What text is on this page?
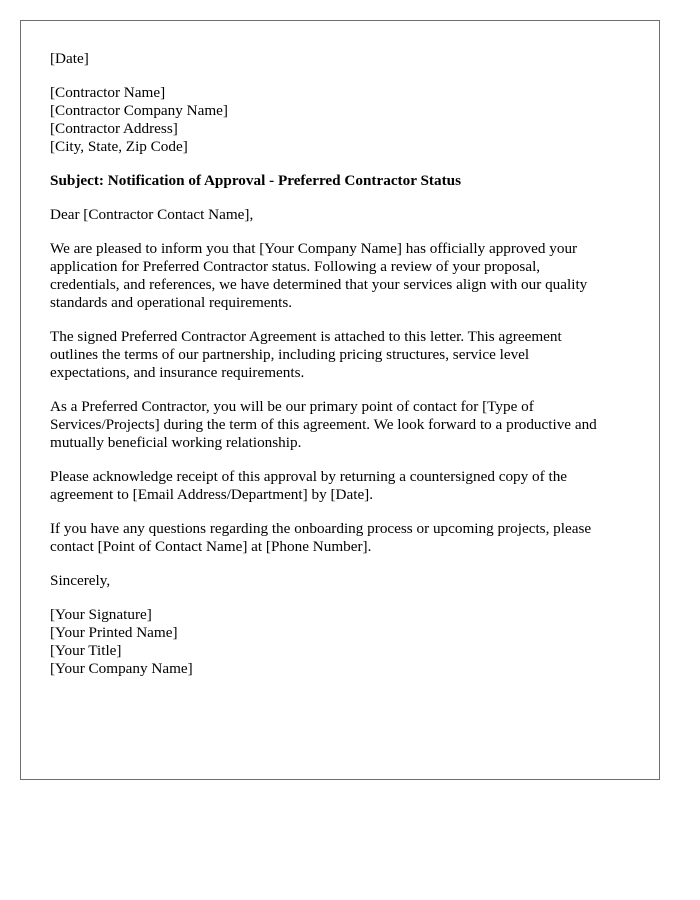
[Date]
[Contractor Name]
[Contractor Company Name]
[Contractor Address]
[City, State, Zip Code]
Subject: Notification of Approval - Preferred Contractor Status
Dear [Contractor Contact Name],
We are pleased to inform you that [Your Company Name] has officially approved your
application for Preferred Contractor status. Following a review of your proposal,
credentials, and references, we have determined that your services align with our quality
standards and operational requirements.
The signed Preferred Contractor Agreement is attached to this letter. This agreement
outlines the terms of our partnership, including pricing structures, service level
expectations, and insurance requirements.
As a Preferred Contractor, you will be our primary point of contact for [Type of
Services/Projects] during the term of this agreement. We look forward to a productive and
mutually beneficial working relationship.
Please acknowledge receipt of this approval by returning a countersigned copy of the
agreement to [Email Address/Department] by [Date].
If you have any questions regarding the onboarding process or upcoming projects, please
contact [Point of Contact Name] at [Phone Number].
Sincerely,
[Your Signature]
[Your Printed Name]
[Your Title]
[Your Company Name]
